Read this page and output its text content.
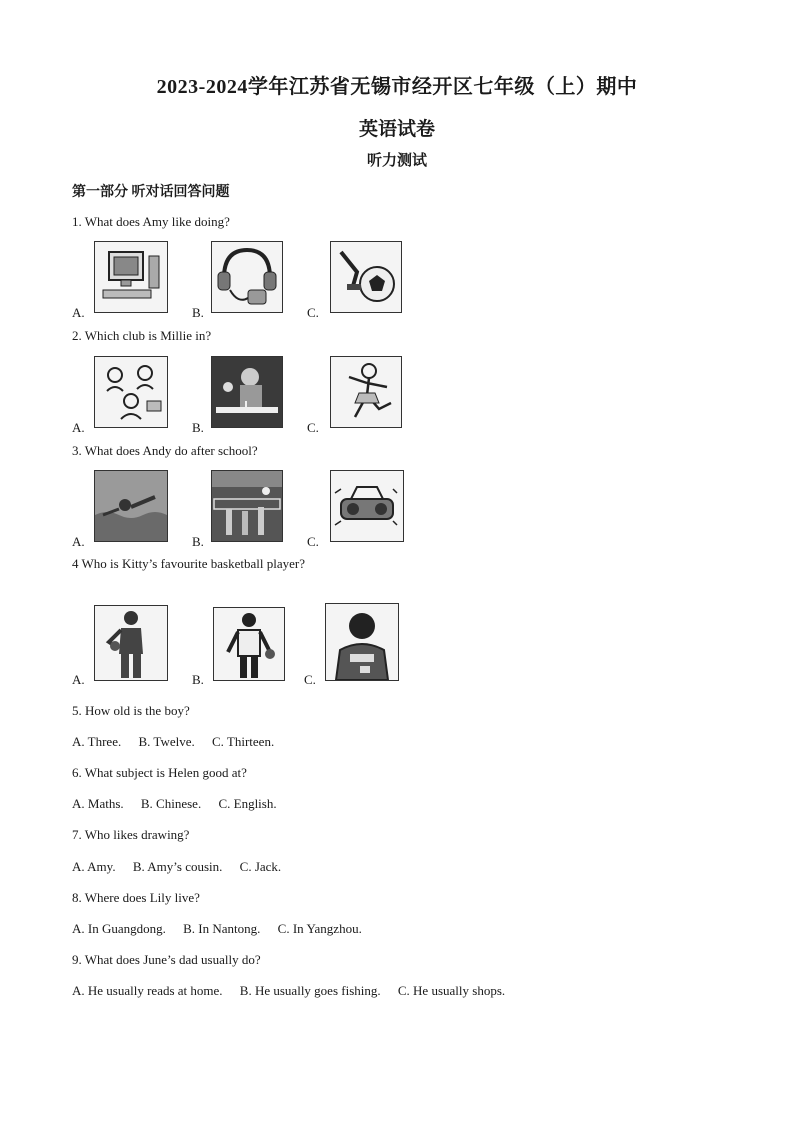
2023-2024学年江苏省无锡市经开区七年级（上）期中
英语试卷
听力测试
第一部分 听对话回答问题
1. What does Amy like doing?
A.	B.	C.
2. Which club is Millie in?
A.	B.	C.
3. What does Andy do after school?
A.	B.	C.
4 Who is Kitty’s favourite basketball player?
A.	B.	C.
5. How old is the boy?
A. Three. B. Twelve. C. Thirteen.
6. What subject is Helen good at?
A. Maths. B. Chinese. C. English.
7. Who likes drawing?
A. Amy. B. Amy’s cousin. C. Jack.
8. Where does Lily live?
A. In Guangdong. B. In Nantong. C. In Yangzhou.
9. What does June’s dad usually do?
A. He usually reads at home. B. He usually goes fishing. C. He usually shops.
